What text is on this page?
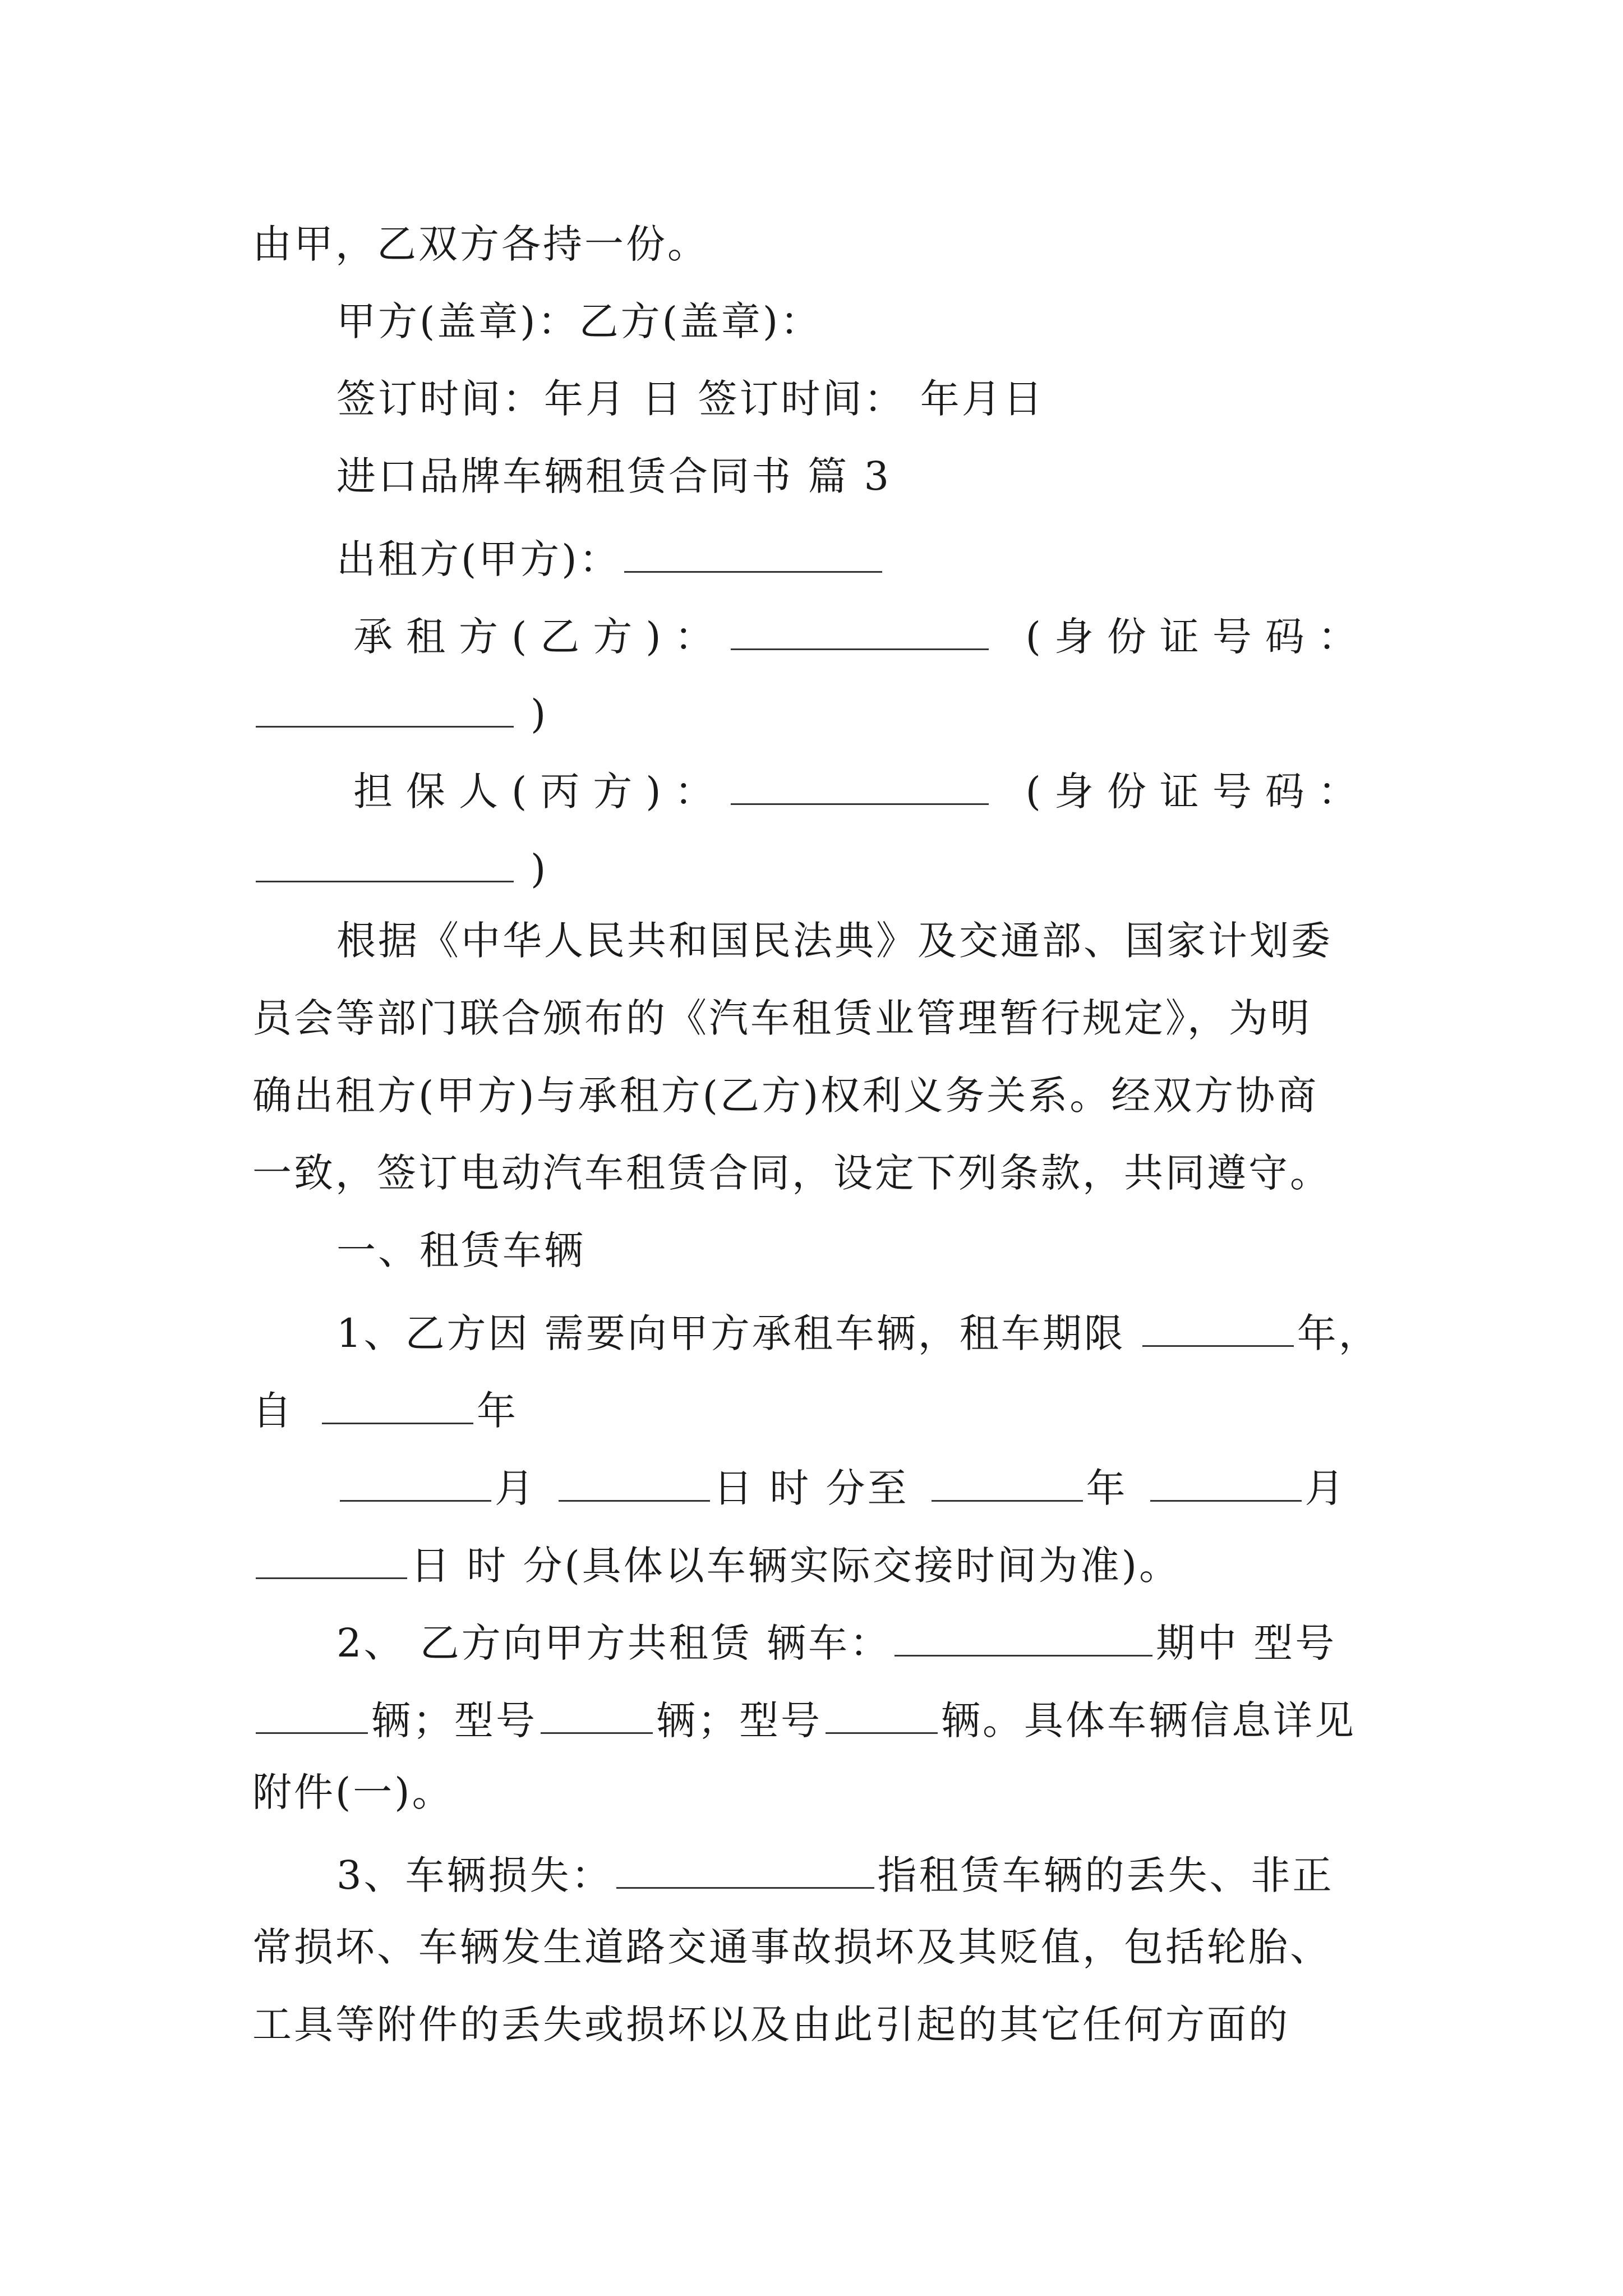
由甲，乙双方各持一份。
甲方(盖章)：乙方(盖章)：
签订时间：年月 日 签订时间： 年月日
进口品牌车辆租赁合同书 篇 3
出租方(甲方)：
承租方(乙方)：	(身份证号码：
)
担保人(丙方)：	(身份证号码：
)
根据《中华人民共和国民法典》及交通部、国家计划委
员会等部门联合颁布的《汽车租赁业管理暂行规定》，为明
确出租方(甲方)与承租方(乙方)权利义务关系。经双方协商
一致，签订电动汽车租赁合同，设定下列条款，共同遵守。
一、租赁车辆
1、乙方因 需要向甲方承租车辆，租车期限	年，
自	年
月	日 时 分至	年	月
日 时 分(具体以车辆实际交接时间为准)。
2、 乙方向甲方共租赁 辆车：	期中 型号
辆；型号	辆；型号	辆。具体车辆信息详见
附件(一)。
3、车辆损失：	指租赁车辆的丢失、非正
常损坏、车辆发生道路交通事故损坏及其贬值，包括轮胎、
工具等附件的丢失或损坏以及由此引起的其它任何方面的
